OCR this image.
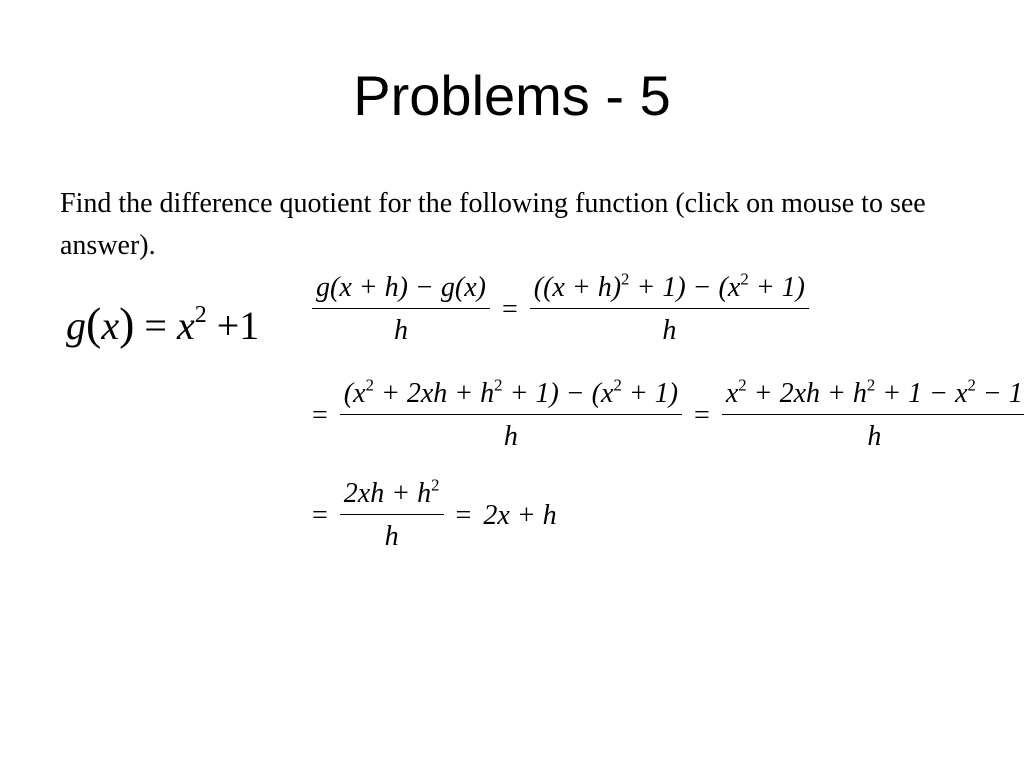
Problems - 5
Find the difference quotient for the following function (click on mouse to see answer).
$g(x) = x^2 +1 \frac{g(x + h) - g(x)}{h} = \frac{((x + h)^2 + 1) - (x^2 + 1)}{h}$
= $\frac{(x^2 + 2xh + h^2 + 1) - (x^2 + 1)}{h} = \frac{x^2 + 2xh + h^2 + 1 - x^2 - 1}{h}$
= $\frac{2xh + h^2}{h} = 2x + h$
